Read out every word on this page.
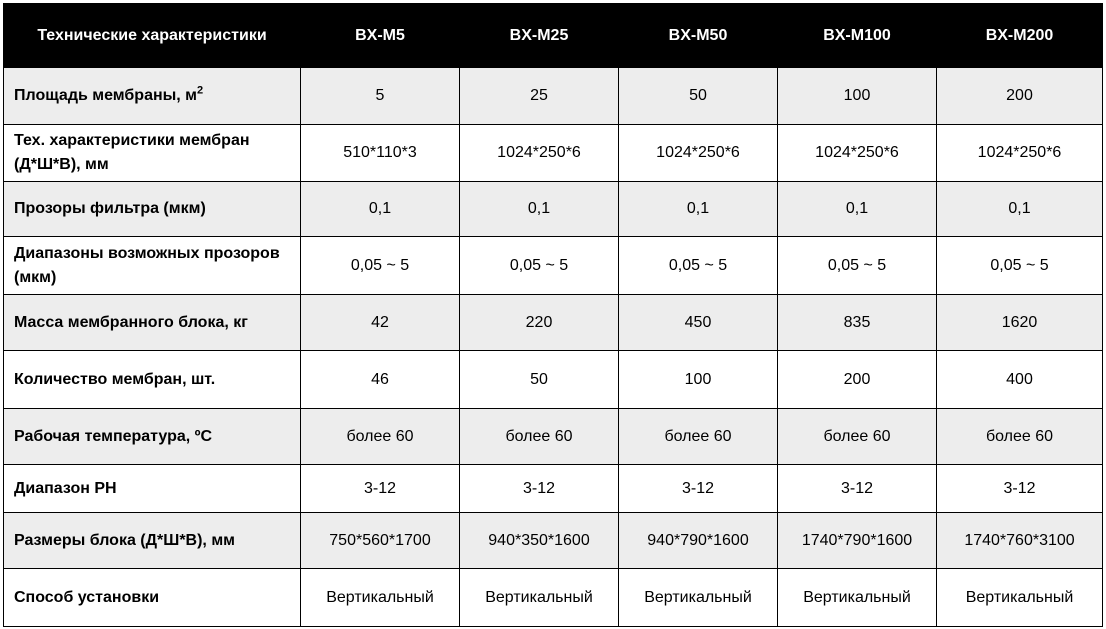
Технические характеристики	BX-M5	BX-M25	BX-M50	BX-M100	BX-M200
Площадь мембраны, $м^2$	5	25	50	100	200
Тех. характеристики мембран (Д*Ш*В), мм	510*110*3	1024*250*6	1024*250*6	1024*250*6	1024*250*6
Прозоры фильтра (мкм)	0,1	0,1	0,1	0,1	0,1
Диапазоны возможных прозоров (мкм)	0,05 ~ 5	0,05 ~ 5	0,05 ~ 5	0,05 ~ 5	0,05 ~ 5
Масса мембранного блока, кг	42	220	450	835	1620
Количество мембран, шт.	46	50	100	200	400
Рабочая температура, ºС	более 60	более 60	более 60	более 60	более 60
Диапазон PH	3-12	3-12	3-12	3-12	3-12
Размеры блока (Д*Ш*В), мм	750*560*1700	940*350*1600	940*790*1600	1740*790*1600	1740*760*3100
Способ установки	Вертикальный	Вертикальный	Вертикальный	Вертикальный	Вертикальный
